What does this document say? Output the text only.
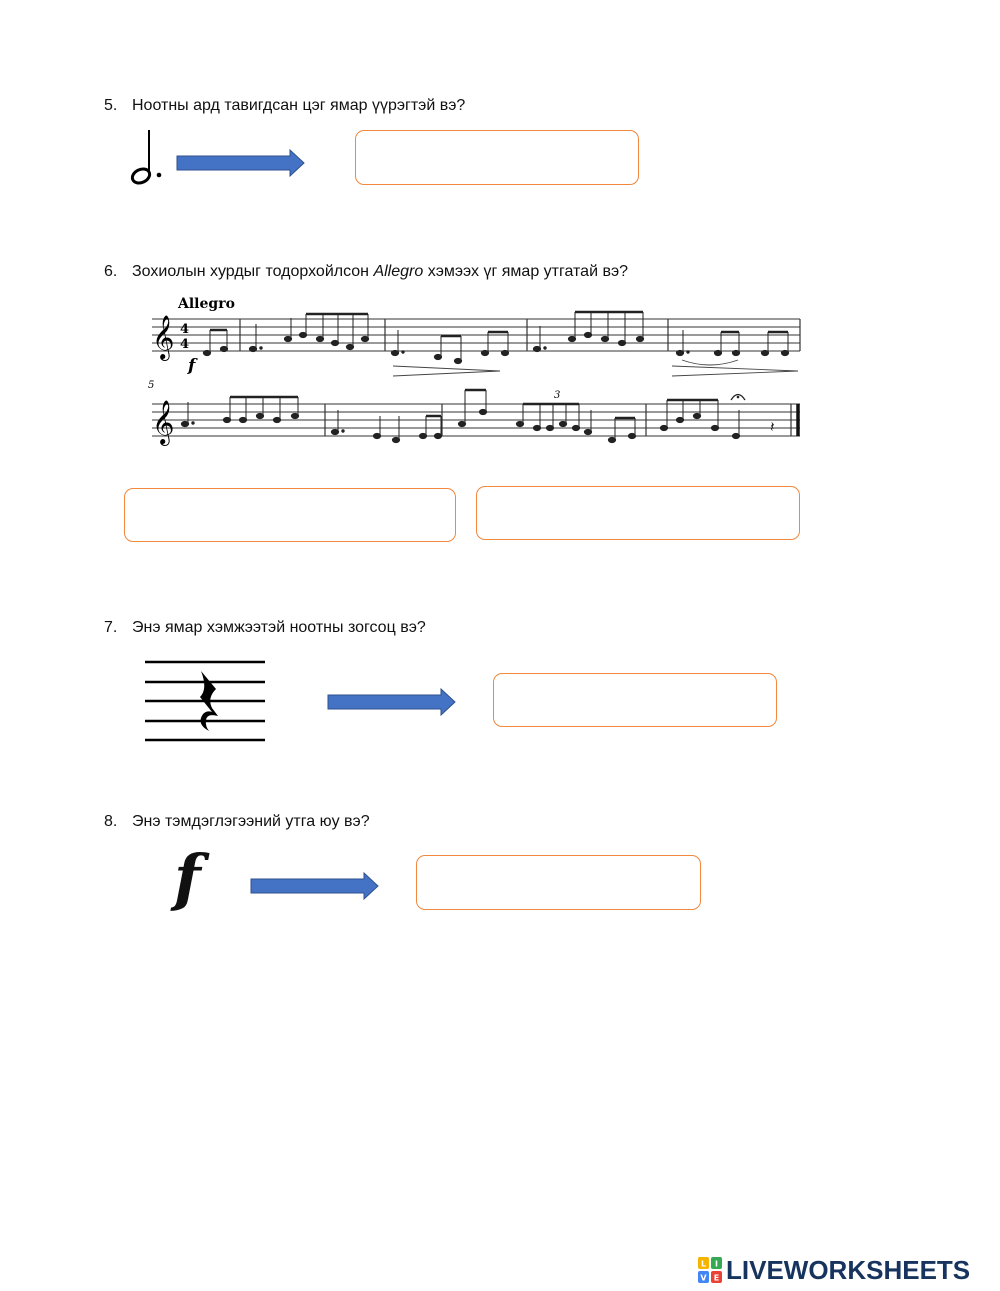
5. Ноотны ард тавигдсан цэг ямар үүрэгтэй вэ?
6. Зохиолын хурдыг тодорхойлсон Allegro хэмээх үг ямар утгатай вэ?
𝄞
𝄞
4
4
Allegro
f
5
3
𝄽
7. Энэ ямар хэмжээтэй ноотны зогсоц вэ?
8. Энэ тэмдэглэгээний утга юу вэ?
f
L I
V E LIVEWORKSHEETS
